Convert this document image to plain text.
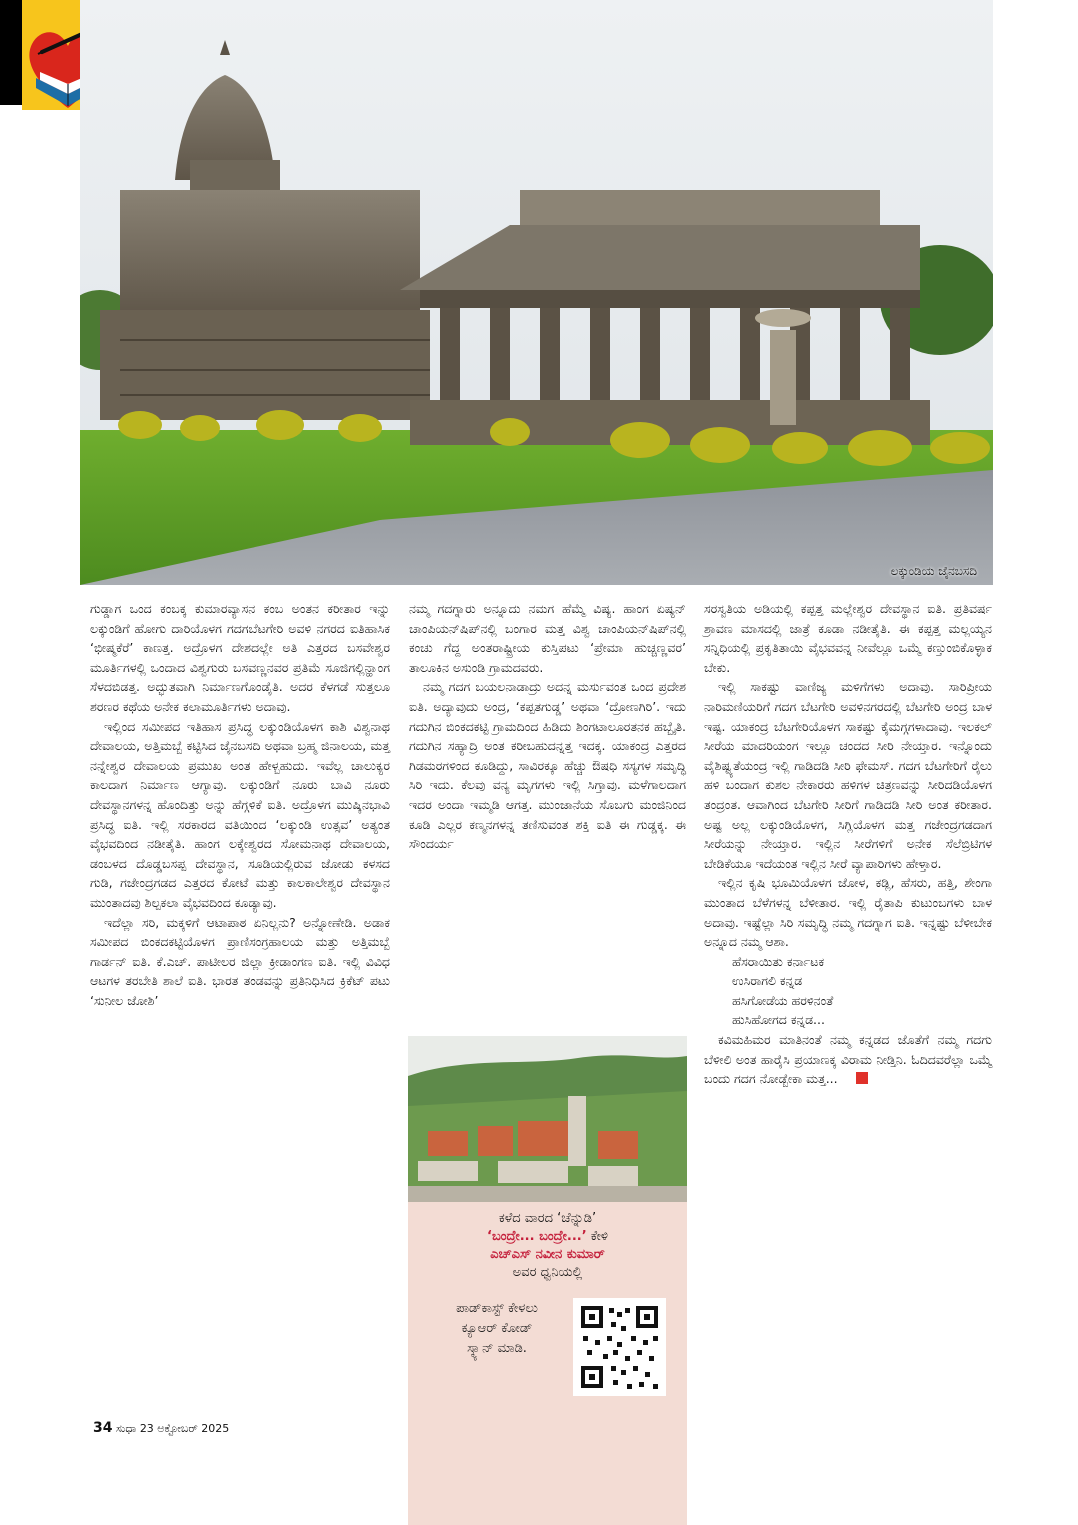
ಲಕ್ಕುಂಡಿಯ ಜೈನಬಸದಿ

ಗುಡ್ಡಾಗ ಒಂದ ಕಂಬಕ್ಕ ಕುಮಾರವ್ಯಾಸನ ಕಂಬ ಅಂತನ ಕರೀತಾರ ಇನ್ನು ಲಕ್ಕುಂಡಿಗೆ ಹೋಗು ದಾರಿಯೊಳಗ ಗದಗಬೆಟಗೇರಿ ಅವಳಿ ನಗರದ ಐತಿಹಾಸಿಕ ‘ಭೀಷ್ಮಕೆರೆ’ ಕಾಣತ್ತ. ಅದ್ರೊಳಗ ದೇಶದಲ್ಲೇ ಅತಿ ಎತ್ತರದ ಬಸವೇಶ್ವರ ಮೂರ್ತಿಗಳಲ್ಲಿ ಒಂದಾದ ವಿಶ್ವಗುರು ಬಸವಣ್ಣನವರ ಪ್ರತಿಮೆ ಸೂಜಿಗಲ್ಲಿನ್ಹಾಂಗ ಸೆಳದಬಿಡತ್ತ. ಅದ್ಭುತವಾಗಿ ನಿರ್ಮಾಣಗೊಂಡೈತಿ. ಅದರ ಕೆಳಗಡೆ ಸುತ್ತಲೂ ಶರಣರ ಕಥೆಯ ಅನೇಕ ಕಲಾಮೂರ್ತಿಗಳು ಅದಾವು.

ಇಲ್ಲಿಂದ ಸಮೀಪದ ಇತಿಹಾಸ ಪ್ರಸಿದ್ಧ ಲಕ್ಕುಂಡಿಯೊಳಗ ಕಾಶಿ ವಿಶ್ವನಾಥ ದೇವಾಲಯ, ಅತ್ತಿಮಬ್ಬೆ ಕಟ್ಟಿಸಿದ ಜೈನಬಸದಿ ಅಥವಾ ಬ್ರಹ್ಮ ಜಿನಾಲಯ, ಮತ್ತ ನನ್ನೇಶ್ವರ ದೇವಾಲಯ ಪ್ರಮುಖ ಅಂತ ಹೇಳ್ಬಹುದು. ಇವೆಲ್ಲ ಚಾಲುಕ್ಯರ ಕಾಲದಾಗ ನಿರ್ಮಾಣ ಆಗ್ಯಾವು. ಲಕ್ಕುಂಡಿಗೆ ನೂರು ಬಾವಿ ನೂರು ದೇವಸ್ಥಾನಗಳನ್ನ ಹೊಂದಿತ್ತು ಅನ್ನು ಹೆಗ್ಗಳಿಕೆ ಐತಿ. ಅದ್ರೊಳಗ ಮುಷ್ಕಿನಭಾವಿ ಪ್ರಸಿದ್ಧ ಐತಿ. ಇಲ್ಲಿ ಸರಕಾರದ ವತಿಯಿಂದ ‘ಲಕ್ಕುಂಡಿ ಉತ್ಸವ’ ಅತ್ಯಂತ ವೈಭವದಿಂದ ನಡೀತೈತಿ. ಹಾಂಗ ಲಕ್ಕೇಶ್ವರದ ಸೋಮನಾಥ ದೇವಾಲಯ, ಡಂಬಳದ ದೊಡ್ಡಬಸಪ್ಪ ದೇವಸ್ಥಾನ, ಸೂಡಿಯಲ್ಲಿರುವ ಜೋಡು ಕಳಸದ ಗುಡಿ, ಗಜೇಂದ್ರಗಡದ ಎತ್ತರದ ಕೋಟೆ ಮತ್ತು ಕಾಲಕಾಲೇಶ್ವರ ದೇವಸ್ಥಾನ ಮುಂತಾದವು ಶಿಲ್ಪಕಲಾ ವೈಭವದಿಂದ ಕೂಡ್ಯಾವು.

ಇದೆಲ್ಲಾ ಸರಿ, ಮಕ್ಕಳಿಗೆ ಆಟಾಪಾಠ ಏನಿಲ್ಲನು? ಅನ್ನೋಣೇಡಿ. ಅಡಾಕ ಸಮೀಪದ ಬಿಂಕದಕಟ್ಟಿಯೊಳಗ ಪ್ರಾಣಿಸಂಗ್ರಹಾಲಯ ಮತ್ತು ಅತ್ತಿಮಬ್ಬೆ ಗಾರ್ಡನ್ ಐತಿ. ಕೆ.ಎಚ್. ಪಾಟೀಲರ ಜಿಲ್ಲಾ ಕ್ರೀಡಾಂಗಣ ಐತಿ. ಇಲ್ಲಿ ವಿವಿಧ ಆಟಗಳ ತರಬೇತಿ ಶಾಲೆ ಐತಿ. ಭಾರತ ತಂಡವನ್ನು ಪ್ರತಿನಿಧಿಸಿದ ಕ್ರಿಕೆಟ್ ಪಟು ‘ಸುನೀಲ ಜೋಶಿ’

ನಮ್ಮ ಗದಗ್ನಾರು ಅನ್ನೂದು ನಮಗ ಹೆಮ್ಮೆ ವಿಷ್ಯ. ಹಾಂಗ ಏಷ್ಯನ್ ಚಾಂಪಿಯನ್‌ಷಿಪ್‌ನಲ್ಲಿ ಬಂಗಾರ ಮತ್ತ ವಿಶ್ವ ಚಾಂಪಿಯನ್‌ಷಿಪ್‌ನಲ್ಲಿ ಕಂಚು ಗೆದ್ದ ಅಂತರಾಷ್ಟ್ರೀಯ ಕುಸ್ತಿಪಟು ‘ಪ್ರೇಮಾ ಹುಚ್ಚಣ್ಣವರ’ ತಾಲೂಕಿನ ಅಸುಂಡಿ ಗ್ರಾಮದವರು.

ನಮ್ಮ ಗದಗ ಬಯಲನಾಡಾದ್ರು ಅದನ್ನ ಮರ್ಸುವಂತ ಒಂದ ಪ್ರದೇಶ ಐತಿ. ಅದ್ಯಾವುದು ಅಂದ್ರ, ‘ಕಪ್ಪತಗುಡ್ಡ’ ಅಥವಾ ‘ದ್ರೋಣಗಿರಿ’. ಇದು ಗದುಗಿನ ಬಿಂಕದಕಟ್ಟಿ ಗ್ರಾಮದಿಂದ ಹಿಡಿದು ಶಿಂಗಟಾಲೂರತನಕ ಹಬ್ಬೈತಿ. ಗದುಗಿನ ಸಹ್ಯಾದ್ರಿ ಅಂತ ಕರೀಬಹುದನ್ನತ್ತ ಇದಕ್ಕ. ಯಾಕಂದ್ರ ಎತ್ತರದ ಗಿಡಮರಗಳಿಂದ ಕೂಡಿದ್ದು, ಸಾವಿರಕ್ಕೂ ಹೆಚ್ಚು ಔಷಧಿ ಸಸ್ಯಗಳ ಸಮೃದ್ಧಿ ಸಿರಿ ಇದು. ಕೆಲವು ವನ್ಯ ಮೃಗಗಳು ಇಲ್ಲಿ ಸಿಗ್ತಾವು. ಮಳೆಗಾಲದಾಗ ಇದರ ಅಂದಾ ಇಮ್ಮಡಿ ಆಗತ್ತ. ಮುಂಜಾನೆಯ ಸೊಬಗು ಮಂಜಿನಿಂದ ಕೂಡಿ ಎಲ್ಲರ ಕಣ್ಮನಗಳನ್ನ ತಣಿಸುವಂತ ಶಕ್ತಿ ಐತಿ ಈ ಗುಡ್ಡಕ್ಕ. ಈ ಸೌಂದರ್ಯ

ಕಳೆದ ವಾರದ ‘ಚೆನ್ನುಡಿ’
‘ಬಂದ್ರೇ... ಬಂದ್ರೇ...’ ಕೇಳಿ
ಎಚ್‌ಎಸ್‌ ನವೀನ ಕುಮಾರ್
ಅವರ ಧ್ವನಿಯಲ್ಲಿ
ಪಾಡ್‌ಕಾಸ್ಟ್ ಕೇಳಲು
ಕ್ಯೂಆರ್ ಕೋಡ್
ಸ್ಕ್ಯಾನ್ ಮಾಡಿ.

ಸರಸ್ವತಿಯ ಅಡಿಯಲ್ಲಿ ಕಪ್ಪತ್ತ ಮಲ್ಲೇಶ್ವರ ದೇವಸ್ಥಾನ ಐತಿ. ಪ್ರತಿವರ್ಷ ಶ್ರಾವಣ ಮಾಸದಲ್ಲಿ ಜಾತ್ರೆ ಕೂಡಾ ನಡೀತೈತಿ. ಈ ಕಪ್ಪತ್ತ ಮಲ್ಲಯ್ಯನ ಸನ್ನಿಧಿಯಲ್ಲಿ ಪ್ರಕೃತಿತಾಯಿ ವೈಭವವನ್ನ ನೀವೆಲ್ಲೂ ಒಮ್ಮೆ ಕಣ್ತುಂಬಿಕೊಳ್ಳಾಕ ಬೇಕು.

ಇಲ್ಲಿ ಸಾಕಷ್ಟು ವಾಣಿಜ್ಯ ಮಳಿಗೆಗಳು ಅದಾವು. ಸಾರಿಪ್ರೀಯ ನಾರಿಮಣಿಯರಿಗೆ ಗದಗ ಬೆಟಗೇರಿ ಅವಳಿನಗರದಲ್ಲಿ ಬೆಟಗೇರಿ ಅಂದ್ರ ಬಾಳ ಇಷ್ಟ. ಯಾಕಂದ್ರ ಬೆಟಗೇರಿಯೊಳಗ ಸಾಕಷ್ಟು ಕೈಮಗ್ಗಗಳಾದಾವು. ಇಲಕಲ್ ಸೀರೆಯ ಮಾದರಿಯಂಗ ಇಲ್ಲೂ ಚಂದದ ಸೀರಿ ನೇಯ್ತಾರ. ಇನ್ನೊಂದು ವೈಶಿಷ್ಟ್ಯತೆಯಂದ್ರ ಇಲ್ಲಿ ಗಾಡಿದಡಿ ಸೀರಿ ಫೇಮಸ್. ಗದಗ ಬೆಟಗೇರಿಗೆ ರೈಲು ಹಳಿ ಬಂದಾಗ ಕುಶಲ ನೇಕಾರರು ಹಳಿಗಳ ಚಿತ್ರಣವನ್ನು ಸೀರಿದಡಿಯೊಳಗ ತಂದ್ರಂತ. ಆವಾಗಿಂದ ಬೆಟಗೇರಿ ಸೀರಿಗೆ ಗಾಡಿದಡಿ ಸೀರಿ ಅಂತ ಕರೀತಾರ. ಅಷ್ಟ ಅಲ್ಲ ಲಕ್ಕುಂಡಿಯೊಳಗ, ಸಿಗ್ಲಿಯೊಳಗ ಮತ್ತ ಗಜೇಂದ್ರಗಡದಾಗ ಸೀರೆಯನ್ನು ನೇಯ್ತಾರ. ಇಲ್ಲಿನ ಸೀರೆಗಳಿಗೆ ಅನೇಕ ಸೆಲೆಬ್ರಿಟಿಗಳ ಬೇಡಿಕೆಯೂ ಇದೆಯಂತ ಇಲ್ಲಿನ ಸೀರೆ ವ್ಯಾಪಾರಿಗಳು ಹೇಳ್ತಾರ.

ಇಲ್ಲಿನ ಕೃಷಿ ಭೂಮಿಯೊಳಗ ಜೋಳ, ಕಡ್ಲಿ, ಹೆಸರು, ಹತ್ತಿ, ಶೇಂಗಾ ಮುಂತಾದ ಬೆಳೆಗಳನ್ನ ಬೆಳೀತಾರ. ಇಲ್ಲಿ ರೈತಾಪಿ ಕುಟುಂಬಗಳು ಬಾಳ ಅದಾವು. ಇಷ್ಟೆಲ್ಲಾ ಸಿರಿ ಸಮೃದ್ಧಿ ನಮ್ಮ ಗದಗ್ನಾಗ ಐತಿ. ಇನ್ನಷ್ಟು ಬೆಳೀಬೇಕ ಅನ್ನೂದ ನಮ್ಮ ಆಶಾ.

ಹೆಸರಾಯಿತು ಕರ್ನಾಟಕ
ಉಸಿರಾಗಲಿ ಕನ್ನಡ
ಹಸಿಗೋಡೆಯ ಹರಳಿನಂತೆ
ಹುಸಿಹೋಗದ ಕನ್ನಡ...

ಕವಿಮಹಿಮರ ಮಾತಿನಂತೆ ನಮ್ಮ ಕನ್ನಡದ ಜೊತೆಗೆ ನಮ್ಮ ಗದಗು ಬೆಳೀಲಿ ಅಂತ ಹಾರೈಸಿ ಪ್ರಯಾಣಕ್ಕ ವಿರಾಮ ನೀಡ್ತಿನಿ. ಓದಿದವರೆಲ್ಲಾ ಒಮ್ಮೆ ಬಂದು ಗದಗ ನೋಡ್ಬೇಕಾ ಮತ್ತ...

34 ಸುಧಾ 23 ಅಕ್ಟೋಬರ್ 2025
